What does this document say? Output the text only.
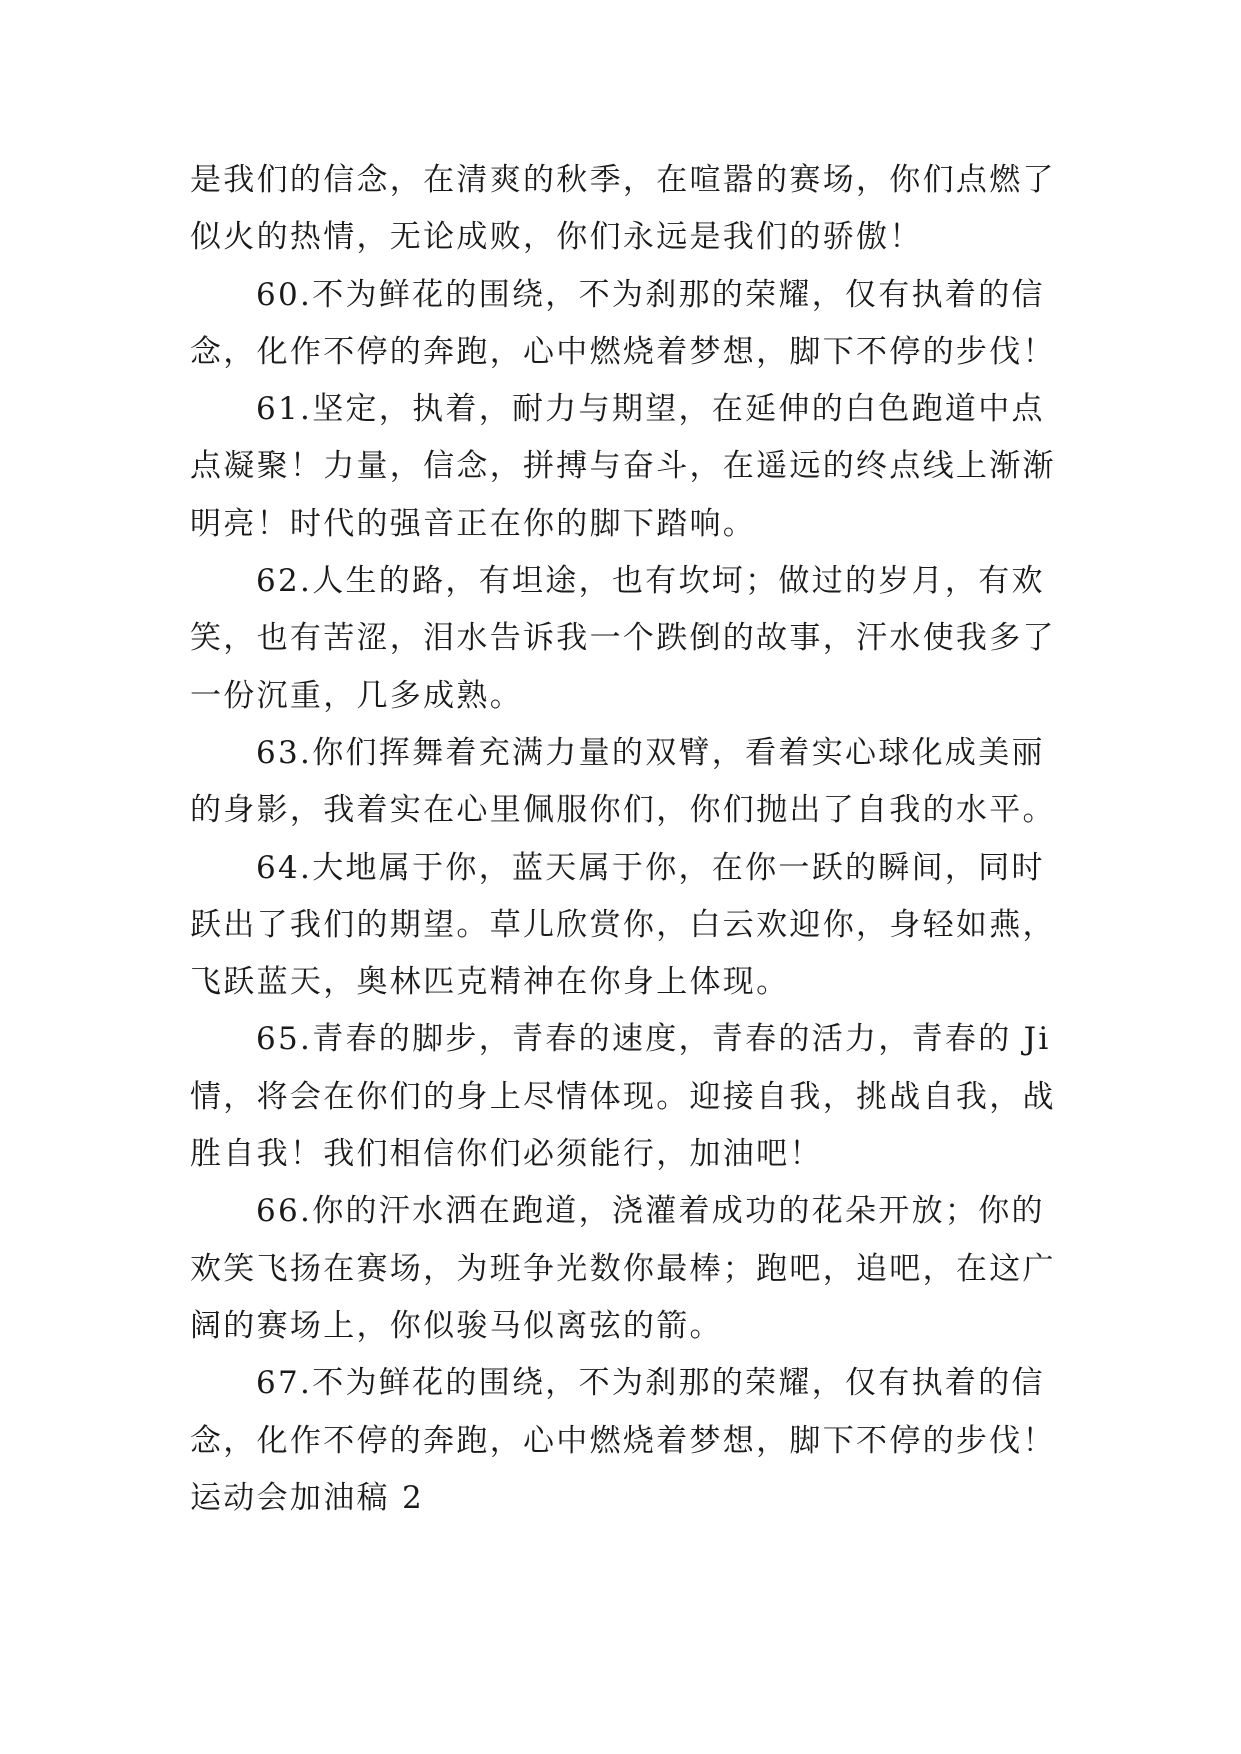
是我们的信念，在清爽的秋季，在喧嚣的赛场，你们点燃了
似火的热情，无论成败，你们永远是我们的骄傲！

60.不为鲜花的围绕，不为刹那的荣耀，仅有执着的信
念，化作不停的奔跑，心中燃烧着梦想，脚下不停的步伐！

61.坚定，执着，耐力与期望，在延伸的白色跑道中点
点凝聚！力量，信念，拼搏与奋斗，在遥远的终点线上渐渐
明亮！时代的强音正在你的脚下踏响。

62.人生的路，有坦途，也有坎坷；做过的岁月，有欢
笑，也有苦涩，泪水告诉我一个跌倒的故事，汗水使我多了
一份沉重，几多成熟。

63.你们挥舞着充满力量的双臂，看着实心球化成美丽
的身影，我着实在心里佩服你们，你们抛出了自我的水平。

64.大地属于你，蓝天属于你，在你一跃的瞬间，同时
跃出了我们的期望。草儿欣赏你，白云欢迎你，身轻如燕，
飞跃蓝天，奥林匹克精神在你身上体现。

65.青春的脚步，青春的速度，青春的活力，青春的 Ji
情，将会在你们的身上尽情体现。迎接自我，挑战自我，战
胜自我！我们相信你们必须能行，加油吧！

66.你的汗水洒在跑道，浇灌着成功的花朵开放；你的
欢笑飞扬在赛场，为班争光数你最棒；跑吧，追吧，在这广
阔的赛场上，你似骏马似离弦的箭。

67.不为鲜花的围绕，不为刹那的荣耀，仅有执着的信
念，化作不停的奔跑，心中燃烧着梦想，脚下不停的步伐！

运动会加油稿 2
